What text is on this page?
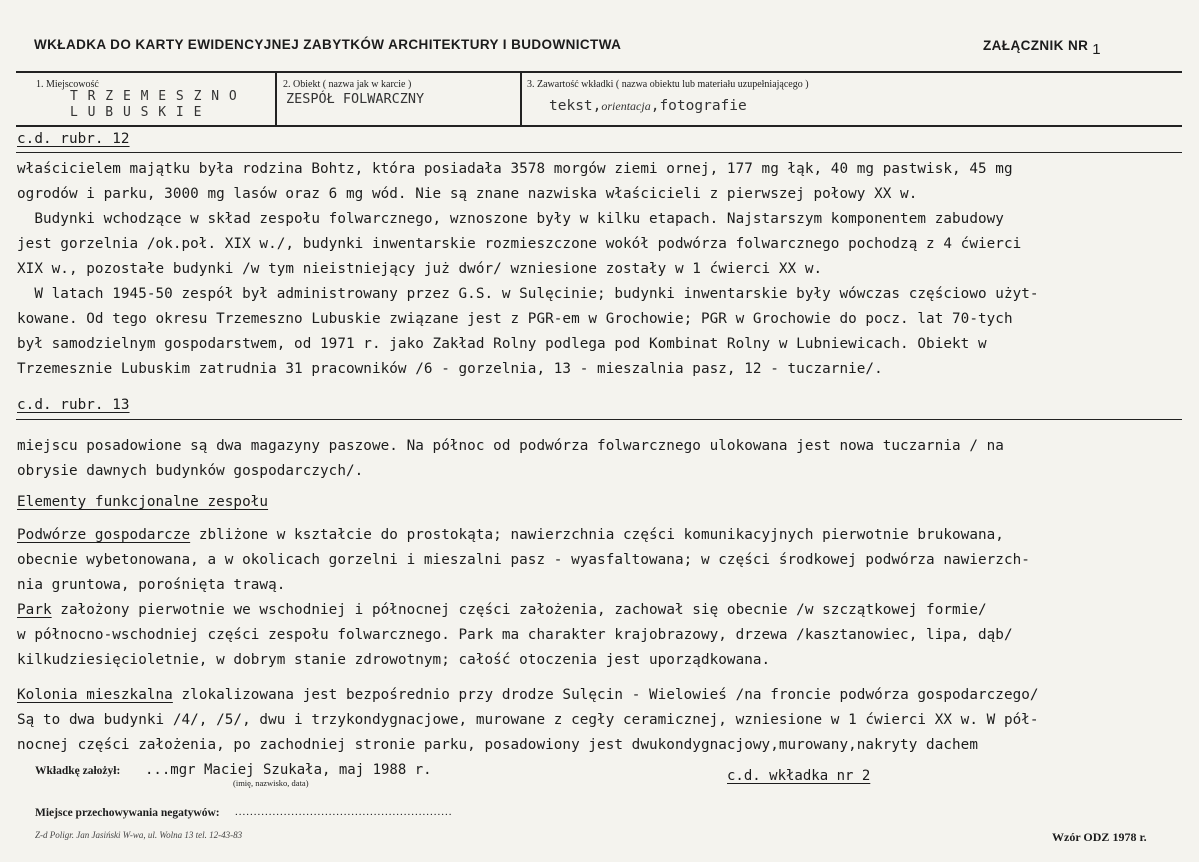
WKŁADKA DO KARTY EWIDENCYJNEJ ZABYTKÓW ARCHITEKTURY I BUDOWNICTWA	ZAŁĄCZNIK NR 1
1. Miejscowość
T R Z E M E S Z N O
L U B U S K I E
2. Obiekt ( nazwa jak w karcie )
ZESPÓŁ FOLWARCZNY
3. Zawartość wkładki ( nazwa obiektu lub materiału uzupełniającego )
tekst,orientacja,fotografie
c.d. rubr. 12
właścicielem majątku była rodzina Bohtz, która posiadała 3578 morgów ziemi ornej, 177 mg łąk, 40 mg pastwisk, 45 mg
ogrodów i parku, 3000 mg lasów oraz 6 mg wód. Nie są znane nazwiska właścicieli z pierwszej połowy XX w.
Budynki wchodzące w skład zespołu folwarcznego, wznoszone były w kilku etapach. Najstarszym komponentem zabudowy
jest gorzelnia /ok.poł. XIX w./, budynki inwentarskie rozmieszczone wokół podwórza folwarcznego pochodzą z 4 ćwierci
XIX w., pozostałe budynki /w tym nieistniejący już dwór/ wzniesione zostały w 1 ćwierci XX w.
W latach 1945-50 zespół był administrowany przez G.S. w Sulęcinie; budynki inwentarskie były wówczas częściowo użyt-
kowane. Od tego okresu Trzemeszno Lubuskie związane jest z PGR-em w Grochowie; PGR w Grochowie do pocz. lat 70-tych
był samodzielnym gospodarstwem, od 1971 r. jako Zakład Rolny podlega pod Kombinat Rolny w Lubniewicach. Obiekt w
Trzemesznie Lubuskim zatrudnia 31 pracowników /6 - gorzelnia, 13 - mieszalnia pasz, 12 - tuczarnie/.
c.d. rubr. 13
miejscu posadowione są dwa magazyny paszowe. Na północ od podwórza folwarcznego ulokowana jest nowa tuczarnia / na
obrysie dawnych budynków gospodarczych/.
Elementy funkcjonalne zespołu
Podwórze gospodarcze zbliżone w kształcie do prostokąta; nawierzchnia części komunikacyjnych pierwotnie brukowana,
obecnie wybetonowana, a w okolicach gorzelni i mieszalni pasz - wyasfaltowana; w części środkowej podwórza nawierzch-
nia gruntowa, porośnięta trawą.
Park założony pierwotnie we wschodniej i północnej części założenia, zachował się obecnie /w szczątkowej formie/
w północno-wschodniej części zespołu folwarcznego. Park ma charakter krajobrazowy, drzewa /kasztanowiec, lipa, dąb/
kilkudziesięcioletnie, w dobrym stanie zdrowotnym; całość otoczenia jest uporządkowana.
Kolonia mieszkalna zlokalizowana jest bezpośrednio przy drodze Sulęcin - Wielowieś /na froncie podwórza gospodarczego/
Są to dwa budynki /4/, /5/, dwu i trzykondygnacjowe, murowane z cegły ceramicznej, wzniesione w 1 ćwierci XX w. W pół-
nocnej części założenia, po zachodniej stronie parku, posadowiony jest dwukondygnacjowy,murowany,nakryty dachem
Wkładkę założył: ...mgr Maciej Szukała, maj 1988 r.
(imię, nazwisko, data)	c.d. wkładka nr 2
Miejsce przechowywania negatywów: ..........................................................
Z-d Poligr. Jan Jasiński W-wa, ul. Wolna 13 tel. 12-43-83	Wzór ODZ 1978 r.
